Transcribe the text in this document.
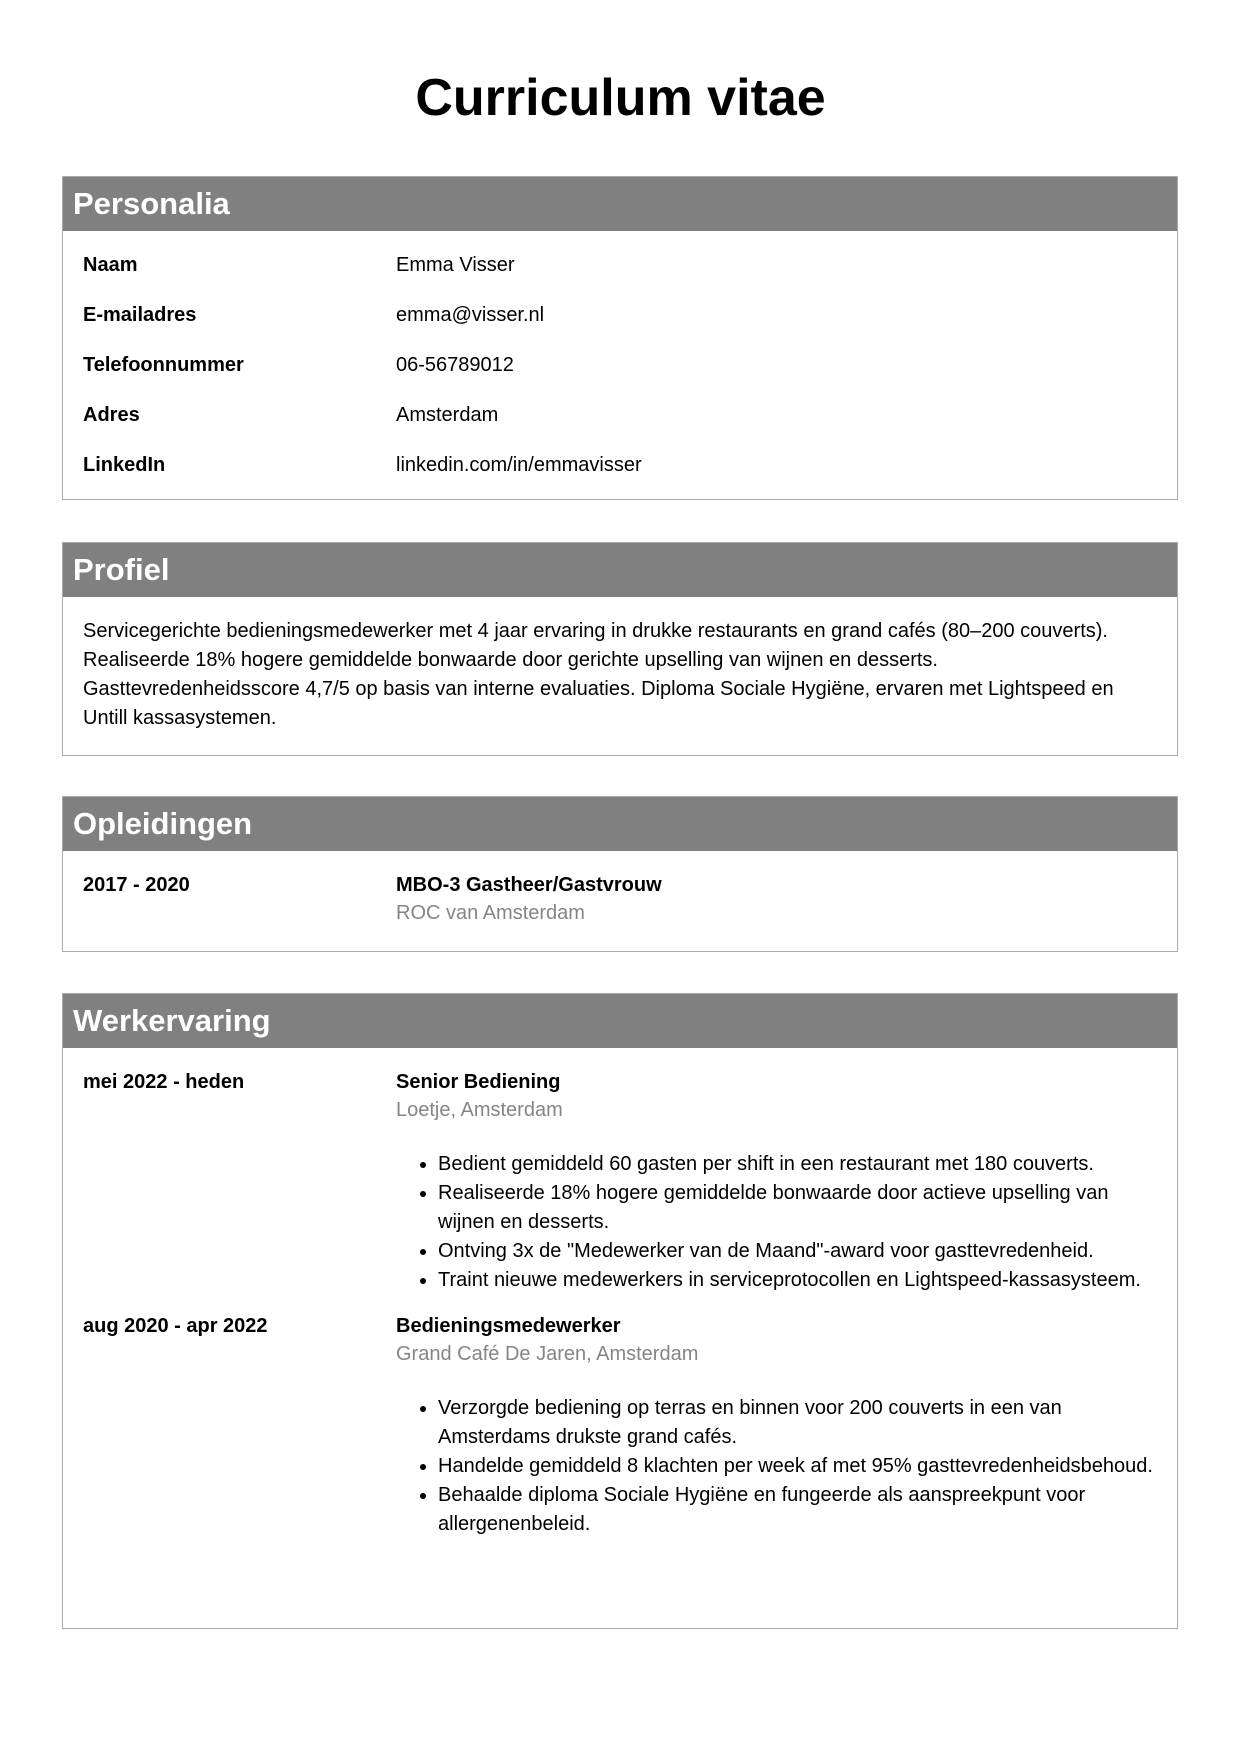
Curriculum vitae
Personalia
Naam	Emma Visser
E-mailadres	emma@visser.nl
Telefoonnummer	06-56789012
Adres	Amsterdam
LinkedIn	linkedin.com/in/emmavisser
Profiel
Servicegerichte bedieningsmedewerker met 4 jaar ervaring in drukke restaurants en grand cafés (80–200 couverts). Realiseerde 18% hogere gemiddelde bonwaarde door gerichte upselling van wijnen en desserts. Gasttevredenheidsscore 4,7/5 op basis van interne evaluaties. Diploma Sociale Hygiëne, ervaren met Lightspeed en Untill kassasystemen.
Opleidingen
2017 - 2020	MBO-3 Gastheer/Gastvrouw
ROC van Amsterdam
Werkervaring
mei 2022 - heden	Senior Bediening
Loetje, Amsterdam
• Bedient gemiddeld 60 gasten per shift in een restaurant met 180 couverts.
• Realiseerde 18% hogere gemiddelde bonwaarde door actieve upselling van wijnen en desserts.
• Ontving 3x de "Medewerker van de Maand"-award voor gasttevredenheid.
• Traint nieuwe medewerkers in serviceprotocollen en Lightspeed-kassasysteem.
aug 2020 - apr 2022	Bedieningsmedewerker
Grand Café De Jaren, Amsterdam
• Verzorgde bediening op terras en binnen voor 200 couverts in een van Amsterdams drukste grand cafés.
• Handelde gemiddeld 8 klachten per week af met 95% gasttevredenheidsbehoud.
• Behaalde diploma Sociale Hygiëne en fungeerde als aanspreekpunt voor allergenenbeleid.
